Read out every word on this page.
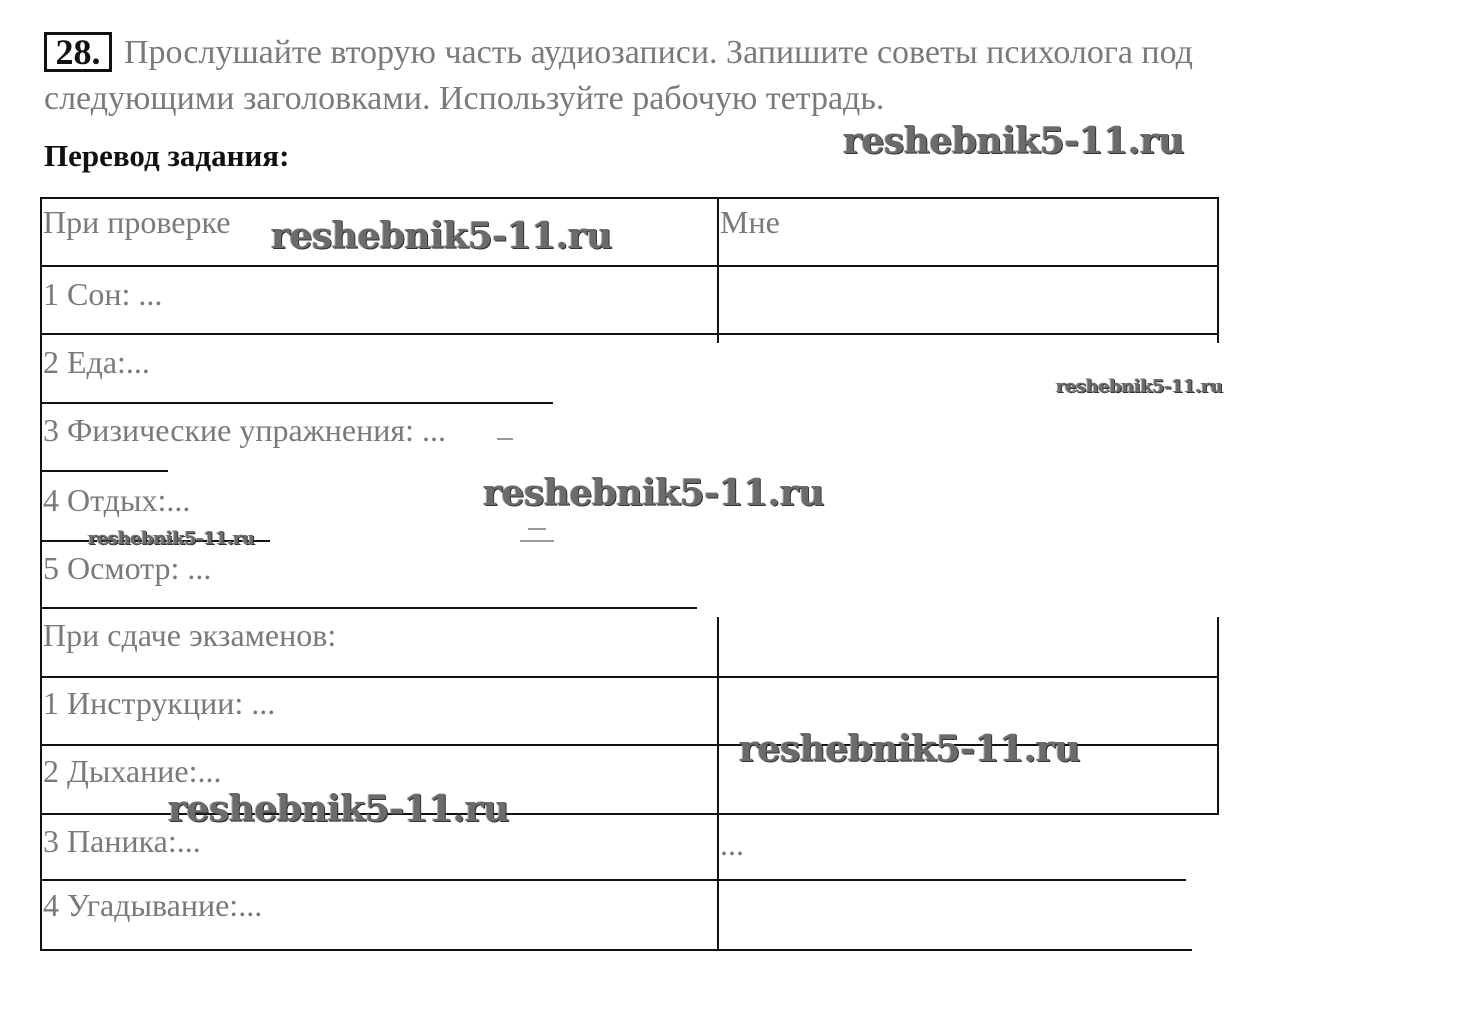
28. Прослушайте вторую часть аудиозаписи. Запишите советы психолога под следующими заголовками. Используйте рабочую тетрадь.

Перевод задания:

При проверке
1 Сон: ...
2 Еда:...
3 Физические упражнения: ...
4 Отдых:...
5 Осмотр: ...
При сдаче экзаменов:
1 Инструкции: ...
2 Дыхание:...
3 Паника:...
4 Угадывание:...
Мне
...
reshebnik5-11.ru
reshebnik5-11.ru
reshebnik5-11.ru
reshebnik5-11.ru
reshebnik5-11.ru
reshebnik5-11.ru
reshebnik5-11.ru
